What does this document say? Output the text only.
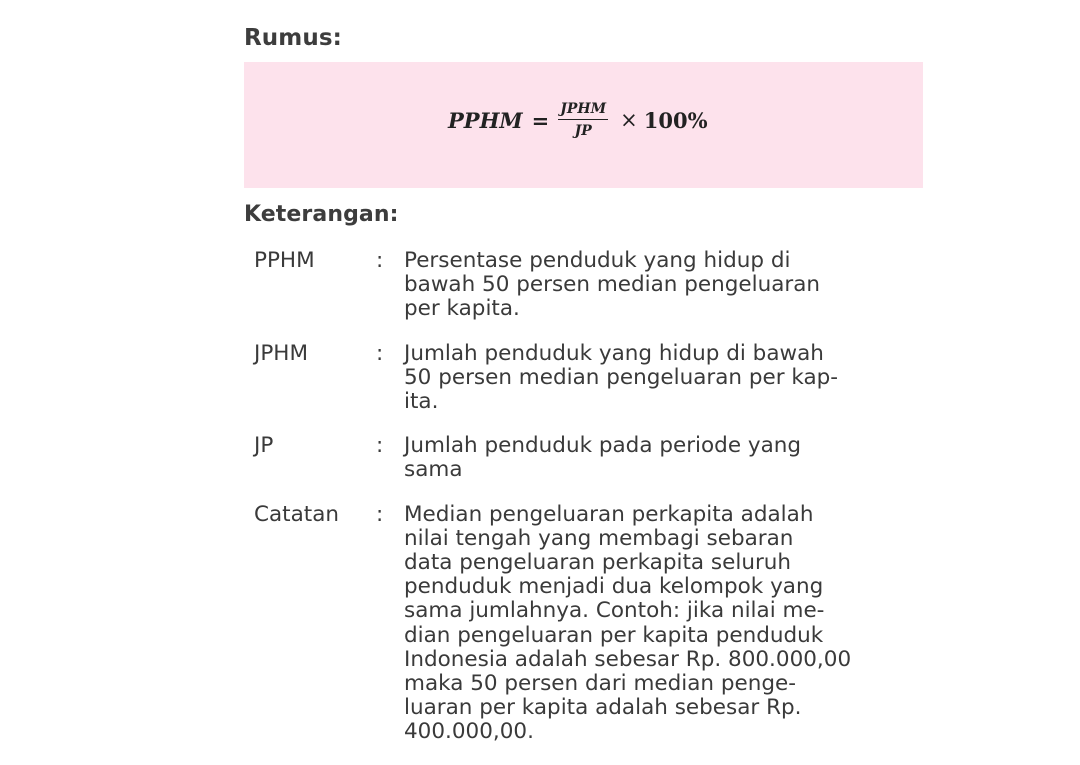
Rumus:
PPHM = $\frac{\text{JPHM}}{JP} \times 100\%$
Keterangan:
PPHM	: Persentase penduduk yang hidup di
bawah 50 persen median pengeluaran
per kapita.
JPHM	: Jumlah penduduk yang hidup di bawah
50 persen median pengeluaran per kap-
ita.
JP	: Jumlah penduduk pada periode yang
sama
Catatan : Median pengeluaran perkapita adalah
nilai tengah yang membagi sebaran
data pengeluaran perkapita seluruh
penduduk menjadi dua kelompok yang
sama jumlahnya. Contoh: jika nilai me-
dian pengeluaran per kapita penduduk
Indonesia adalah sebesar Rp. 800.000,00
maka 50 persen dari median penge-
luaran per kapita adalah sebesar Rp.
400.000,00.
